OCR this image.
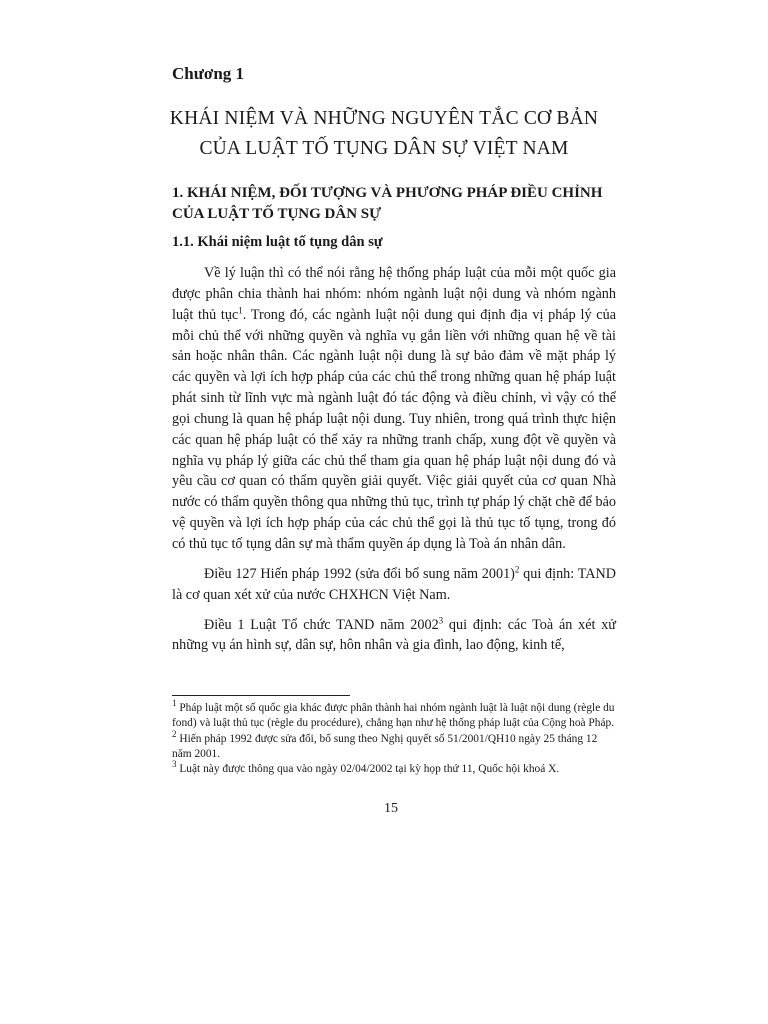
Chương 1
KHÁI NIỆM VÀ NHỮNG NGUYÊN TẮC CƠ BẢN
CỦA LUẬT TỐ TỤNG DÂN SỰ VIỆT NAM
1. KHÁI NIỆM, ĐỐI TƯỢNG VÀ PHƯƠNG PHÁP ĐIỀU CHỈNH
CỦA LUẬT TỐ TỤNG DÂN SỰ
1.1. Khái niệm luật tố tụng dân sự

Về lý luận thì có thể nói rằng hệ thống pháp luật của mỗi một quốc gia được phân chia thành hai nhóm: nhóm ngành luật nội dung và nhóm ngành luật thủ tục$^1$. Trong đó, các ngành luật nội dung qui định địa vị pháp lý của mỗi chủ thể với những quyền và nghĩa vụ gắn liền với những quan hệ về tài sản hoặc nhân thân. Các ngành luật nội dung là sự bảo đảm về mặt pháp lý các quyền và lợi ích hợp pháp của các chủ thể trong những quan hệ pháp luật phát sinh từ lĩnh vực mà ngành luật đó tác động và điều chỉnh, vì vậy có thể gọi chung là quan hệ pháp luật nội dung. Tuy nhiên, trong quá trình thực hiện các quan hệ pháp luật có thể xảy ra những tranh chấp, xung đột về quyền và nghĩa vụ pháp lý giữa các chủ thể tham gia quan hệ pháp luật nội dung đó và yêu cầu cơ quan có thẩm quyền giải quyết. Việc giải quyết của cơ quan Nhà nước có thẩm quyền thông qua những thủ tục, trình tự pháp lý chặt chẽ để bảo vệ quyền và lợi ích hợp pháp của các chủ thể gọi là thủ tục tố tụng, trong đó có thủ tục tố tụng dân sự mà thẩm quyền áp dụng là Toà án nhân dân.

Điều 127 Hiến pháp 1992 (sửa đổi bổ sung năm 2001)$^2$ qui định: TAND là cơ quan xét xử của nước CHXHCN Việt Nam.

Điều 1 Luật Tổ chức TAND năm 2002$^3$ qui định: các Toà án xét xử những vụ án hình sự, dân sự, hôn nhân và gia đình, lao động, kinh tế,

$^1$ Pháp luật một số quốc gia khác được phân thành hai nhóm ngành luật là luật nội dung (règle du fond) và luật thủ tục (règle du procédure), chẳng hạn như hệ thống pháp luật của Cộng hoà Pháp.

$^2$ Hiến pháp 1992 được sửa đổi, bổ sung theo Nghị quyết số 51/2001/QH10 ngày 25 tháng 12 năm 2001.

$^3$ Luật này được thông qua vào ngày 02/04/2002 tại kỳ họp thứ 11, Quốc hội khoá X.

15
